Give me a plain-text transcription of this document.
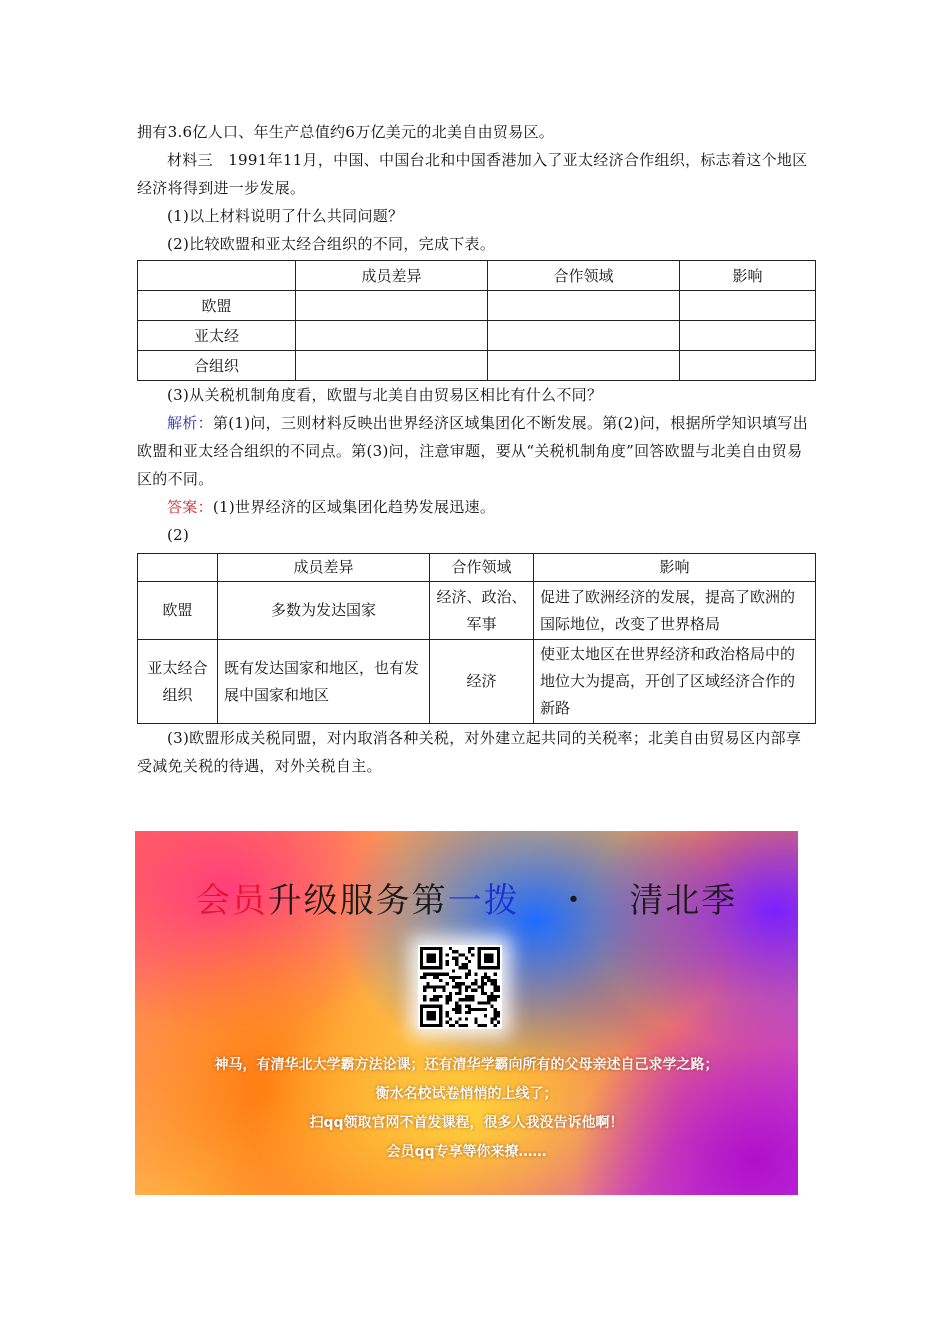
拥有3.6亿人口、年生产总值约6万亿美元的北美自由贸易区。

材料三　1991年11月，中国、中国台北和中国香港加入了亚太经济合作组织，标志着这个地区经济将得到进一步发展。

(1)以上材料说明了什么共同问题？

(2)比较欧盟和亚太经合组织的不同，完成下表。

	成员差异	合作领域	影响
欧盟			
亚太经			
合组织			

(3)从关税机制角度看，欧盟与北美自由贸易区相比有什么不同？

解析：第(1)问，三则材料反映出世界经济区域集团化不断发展。第(2)问，根据所学知识填写出欧盟和亚太经合组织的不同点。第(3)问，注意审题，要从“关税机制角度”回答欧盟与北美自由贸易区的不同。

答案：(1)世界经济的区域集团化趋势发展迅速。

(2)

	成员差异	合作领域	影响
欧盟	多数为发达国家	经济、政治、军事	促进了欧洲经济的发展，提高了欧洲的国际地位，改变了世界格局
亚太经合组织	既有发达国家和地区，也有发展中国家和地区	经济	使亚太地区在世界经济和政治格局中的地位大为提高，开创了区域经济合作的新路

(3)欧盟形成关税同盟，对内取消各种关税，对外建立起共同的关税率；北美自由贸易区内部享受减免关税的待遇，对外关税自主。

会员升级服务第一拨 ・ 清北季
神马，有清华北大学霸方法论课；还有清华学霸向所有的父母亲述自己求学之路；
衡水名校试卷悄悄的上线了；
扫qq领取官网不首发课程，很多人我没告诉他啊！
会员qq专享等你来撩……
